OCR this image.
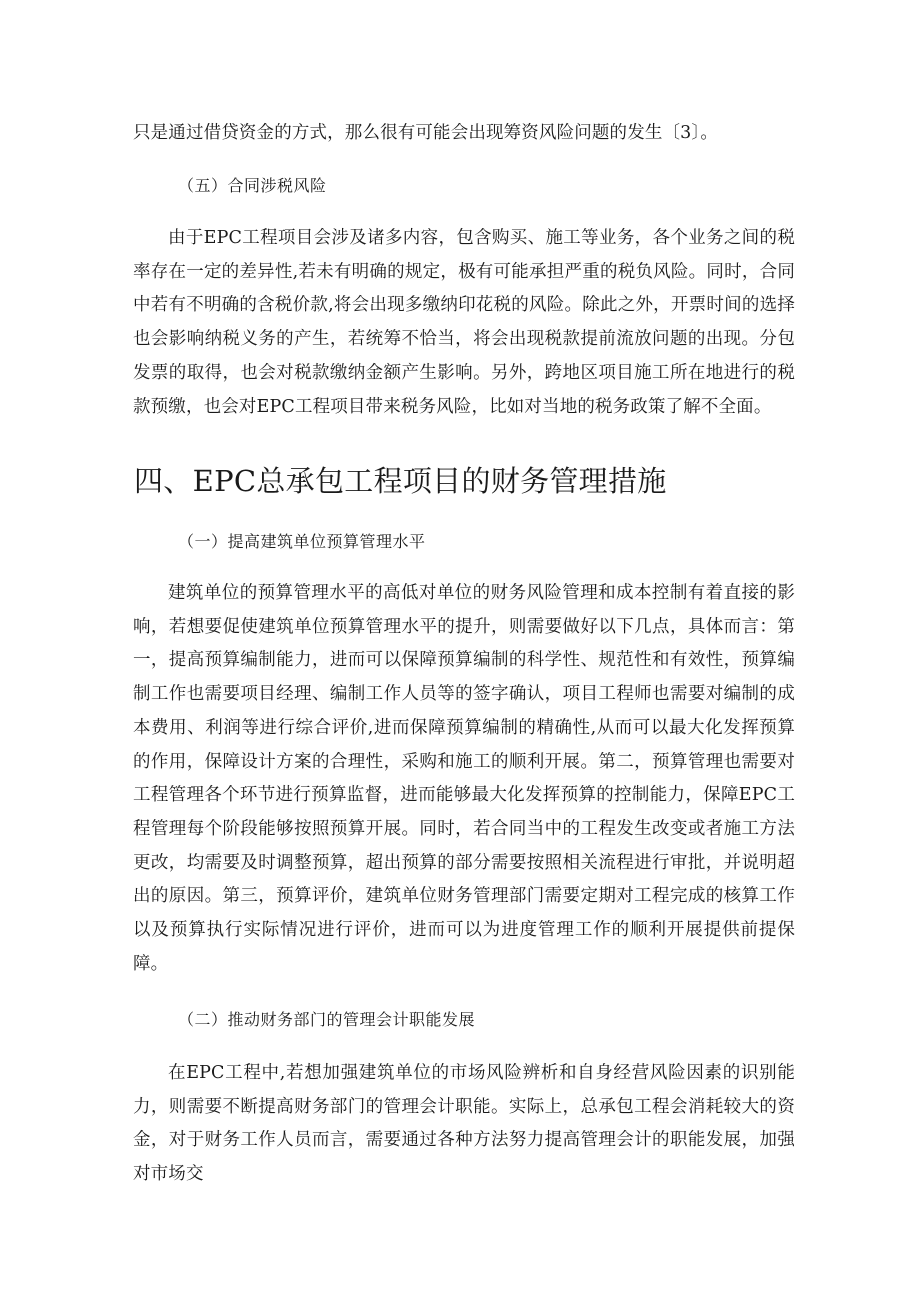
只是通过借贷资金的方式，那么很有可能会出现筹资风险问题的发生〔3〕。

（五）合同涉税风险

由于EPC工程项目会涉及诸多内容，包含购买、施工等业务，各个业务之间的税率存在一定的差异性,若未有明确的规定，极有可能承担严重的税负风险。同时，合同中若有不明确的含税价款,将会出现多缴纳印花税的风险。除此之外，开票时间的选择也会影响纳税义务的产生，若统筹不恰当，将会出现税款提前流放问题的出现。分包发票的取得，也会对税款缴纳金额产生影响。另外，跨地区项目施工所在地进行的税款预缴，也会对EPC工程项目带来税务风险，比如对当地的税务政策了解不全面。

四、EPC总承包工程项目的财务管理措施

（一）提高建筑单位预算管理水平

建筑单位的预算管理水平的高低对单位的财务风险管理和成本控制有着直接的影响，若想要促使建筑单位预算管理水平的提升，则需要做好以下几点，具体而言：第一，提高预算编制能力，进而可以保障预算编制的科学性、规范性和有效性，预算编制工作也需要项目经理、编制工作人员等的签字确认，项目工程师也需要对编制的成本费用、利润等进行综合评价,进而保障预算编制的精确性,从而可以最大化发挥预算的作用，保障设计方案的合理性，采购和施工的顺利开展。第二，预算管理也需要对工程管理各个环节进行预算监督，进而能够最大化发挥预算的控制能力，保障EPC工程管理每个阶段能够按照预算开展。同时，若合同当中的工程发生改变或者施工方法更改，均需要及时调整预算，超出预算的部分需要按照相关流程进行审批，并说明超出的原因。第三，预算评价，建筑单位财务管理部门需要定期对工程完成的核算工作以及预算执行实际情况进行评价，进而可以为进度管理工作的顺利开展提供前提保障。

（二）推动财务部门的管理会计职能发展

在EPC工程中,若想加强建筑单位的市场风险辨析和自身经营风险因素的识别能力，则需要不断提高财务部门的管理会计职能。实际上，总承包工程会消耗较大的资金，对于财务工作人员而言，需要通过各种方法努力提高管理会计的职能发展，加强对市场交
